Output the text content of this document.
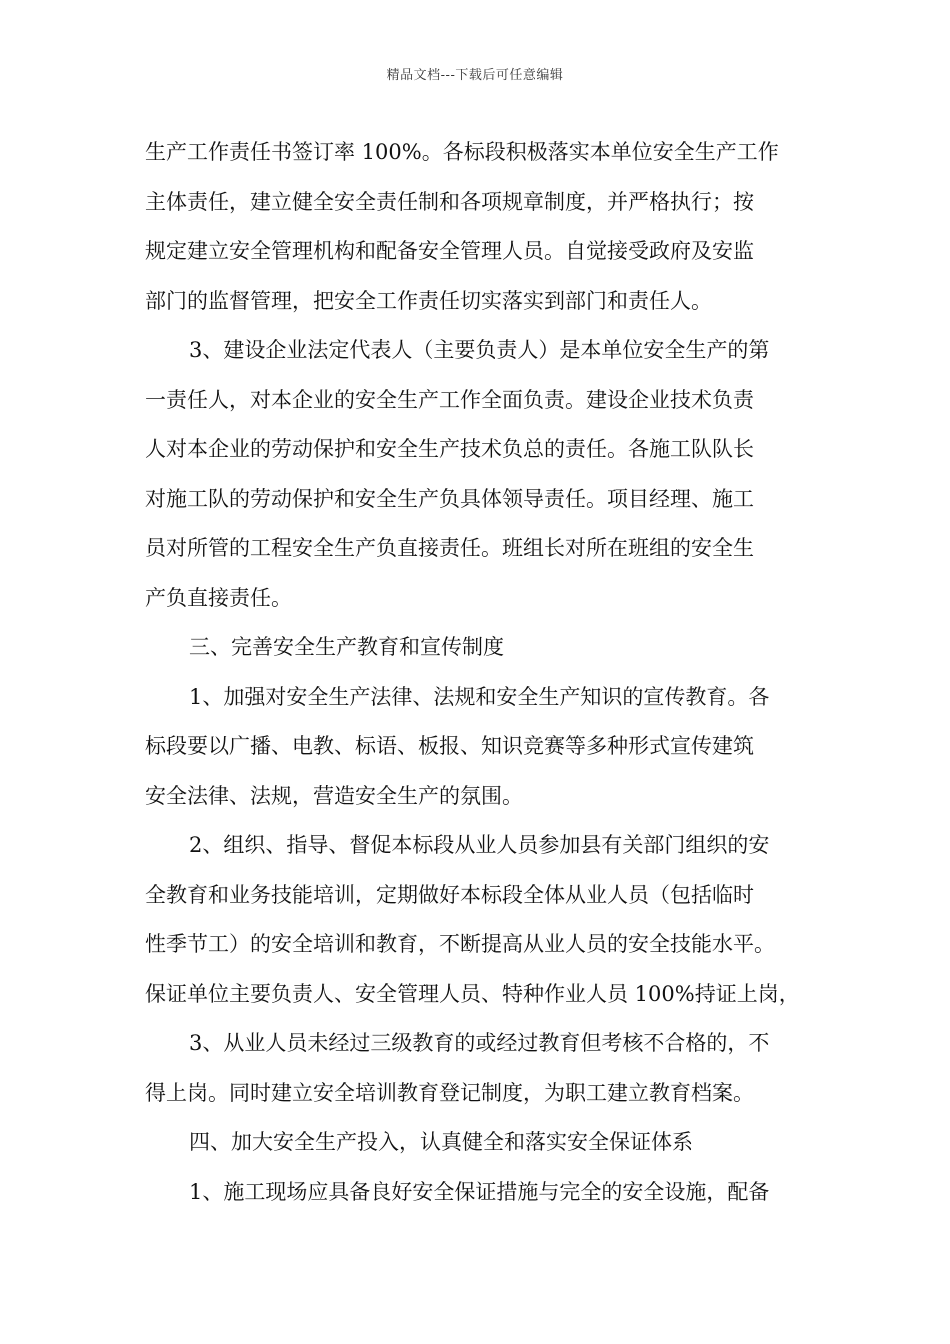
精品文档---下载后可任意编辑
生产工作责任书签订率 100%。各标段积极落实本单位安全生产工作
主体责任，建立健全安全责任制和各项规章制度，并严格执行；按
规定建立安全管理机构和配备安全管理人员。自觉接受政府及安监
部门的监督管理，把安全工作责任切实落实到部门和责任人。
3、建设企业法定代表人（主要负责人）是本单位安全生产的第
一责任人，对本企业的安全生产工作全面负责。建设企业技术负责
人对本企业的劳动保护和安全生产技术负总的责任。各施工队队长
对施工队的劳动保护和安全生产负具体领导责任。项目经理、施工
员对所管的工程安全生产负直接责任。班组长对所在班组的安全生
产负直接责任。
三、完善安全生产教育和宣传制度
1、加强对安全生产法律、法规和安全生产知识的宣传教育。各
标段要以广播、电教、标语、板报、知识竞赛等多种形式宣传建筑
安全法律、法规，营造安全生产的氛围。
2、组织、指导、督促本标段从业人员参加县有关部门组织的安
全教育和业务技能培训，定期做好本标段全体从业人员（包括临时
性季节工）的安全培训和教育，不断提高从业人员的安全技能水平。
保证单位主要负责人、安全管理人员、特种作业人员 100%持证上岗，
3、从业人员未经过三级教育的或经过教育但考核不合格的，不
得上岗。同时建立安全培训教育登记制度，为职工建立教育档案。
四、加大安全生产投入，认真健全和落实安全保证体系
1、施工现场应具备良好安全保证措施与完全的安全设施，配备
